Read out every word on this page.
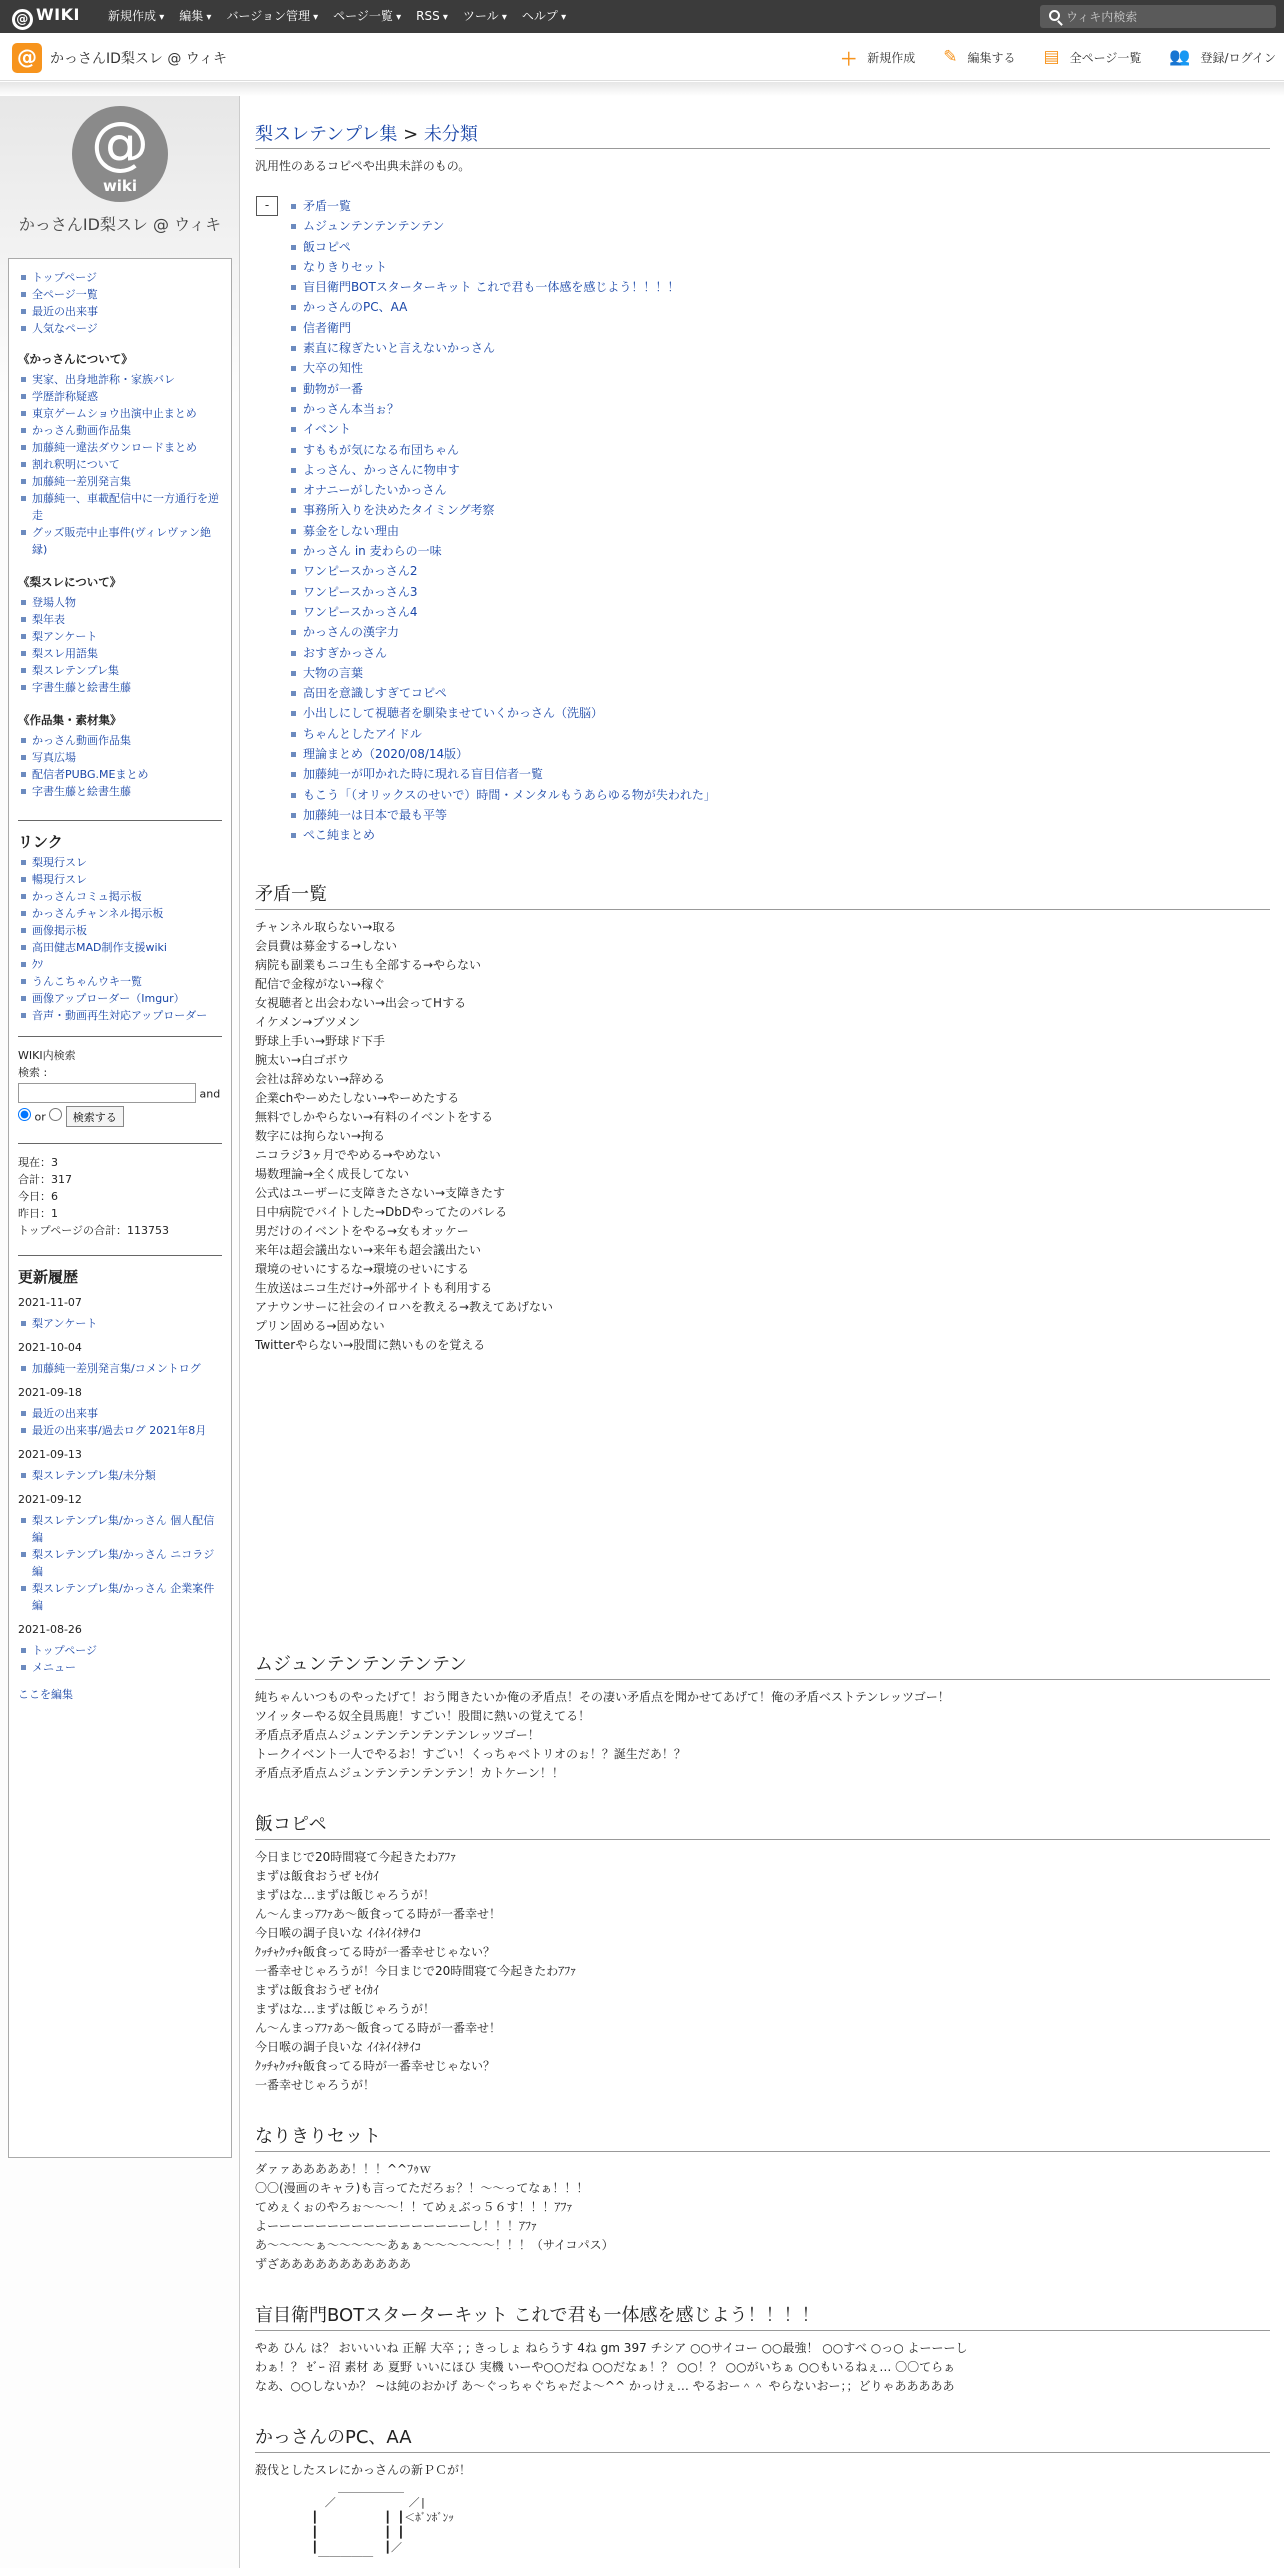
@ WIKI 新規作成 ▾	編集 ▾	バージョン管理 ▾	ページ一覧 ▾	RSS ▾	ツール ▾	ヘルプ ▾
ウィキ内検索
@ かっさんID梨スレ @ ウィキ	＋ 新規作成 ✎ 編集する ▤ 全ページ一覧 👥 登録/ログイン
@
wiki
かっさんID梨スレ @ ウィキ
トップページ
全ページ一覧
最近の出来事
人気なページ
《かっさんについて》
実家、出身地詐称・家族バレ
学歴詐称疑惑
東京ゲームショウ出演中止まとめ
かっさん動画作品集
加藤純一違法ダウンロードまとめ
割れ釈明について
加藤純一差別発言集
加藤純一、車載配信中に一方通行を逆走
グッズ販売中止事件(ヴィレヴァン絶縁)
《梨スレについて》
登場人物
梨年表
梨アンケート
梨スレ用語集
梨スレテンプレ集
字書生藤と絵書生藤
《作品集・素材集》
かっさん動画作品集
写真広場
配信者PUBG.MEまとめ
字書生藤と絵書生藤
リンク
梨現行スレ
暢現行スレ
かっさんコミュ掲示板
かっさんチャンネル掲示板
画像掲示板
高田健志MAD制作支援wiki
ｸｿ
うんこちゃんウキ一覧
画像アップローダー（Imgur）
音声・動画再生対応アップローダー
WIKI内検索
検索 :
and
or 検索する
現在：3
合計：317
今日：6
昨日：1
トップページの合計：113753
更新履歴
2021-11-07
梨アンケート
2021-10-04
加藤純一差別発言集/コメントログ
2021-09-18
最近の出来事
最近の出来事/過去ログ 2021年8月
2021-09-13
梨スレテンプレ集/未分類
2021-09-12
梨スレテンプレ集/かっさん 個人配信編
梨スレテンプレ集/かっさん ニコラジ編
梨スレテンプレ集/かっさん 企業案件編
2021-08-26
トップページ
メニュー
ここを編集
梨スレテンプレ集 > 未分類
汎用性のあるコピペや出典未詳のもの。
-	矛盾一覧
ムジュンテンテンテンテン
飯コピペ
なりきりセット
盲目衛門BOTスターターキット これで君も一体感を感じよう！！！！
かっさんのPC、AA
信者衛門
素直に稼ぎたいと言えないかっさん
大卒の知性
動物が一番
かっさん本当ぉ？
イベント
すももが気になる布団ちゃん
よっさん、かっさんに物申す
オナニーがしたいかっさん
事務所入りを決めたタイミング考察
募金をしない理由
かっさん in 麦わらの一味
ワンピースかっさん2
ワンピースかっさん3
ワンピースかっさん4
かっさんの漢字力
おすぎかっさん
大物の言葉
高田を意識しすぎてコピペ
小出しにして視聴者を馴染ませていくかっさん（洗脳）
ちゃんとしたアイドル
理論まとめ（2020/08/14版）
加藤純一が叩かれた時に現れる盲目信者一覧
もこう「（オリックスのせいで）時間・メンタルもうあらゆる物が失われた」
加藤純一は日本で最も平等
ぺこ純まとめ
矛盾一覧

チャンネル取らない→取る

会員費は募金する→しない

病院も副業もニコ生も全部する→やらない

配信で金稼がない→稼ぐ

女視聴者と出会わない→出会ってHする

イケメン→ブツメン

野球上手い→野球ド下手

腕太い→白ゴボウ

会社は辞めない→辞める

企業chやーめたしない→やーめたする

無料でしかやらない→有料のイベントをする

数字には拘らない→拘る

ニコラジ3ヶ月でやめる→やめない

場数理論→全く成長してない

公式はユーザーに支障きたさない→支障きたす

日中病院でバイトした→DbDやってたのバレる

男だけのイベントをやる→女もオッケー

来年は超会議出ない→来年も超会議出たい

環境のせいにするな→環境のせいにする

生放送はニコ生だけ→外部サイトも利用する

アナウンサーに社会のイロハを教える→教えてあげない

プリン固める→固めない

Twitterやらない→股間に熱いものを覚える

ムジュンテンテンテンテン

純ちゃんいつものやったげて！おう聞きたいか俺の矛盾点！その凄い矛盾点を聞かせてあげて！俺の矛盾ベストテンレッツゴー！

ツイッターやる奴全員馬鹿！すごい！股間に熱いの覚えてる！

矛盾点矛盾点ムジュンテンテンテンテンレッツゴー！

トークイベント一人でやるお！すごい！くっちゃベトリオのぉ！？誕生だあ！？

矛盾点矛盾点ムジュンテンテンテンテン！カトケーン！！

飯コピペ

今日まじで20時間寝て今起きたわｱﾌｧ

まずは飯食おうぜ ｾｲｶｲ

まずはな…まずは飯じゃろうが！

ん～んまっｱﾌｧあ～飯食ってる時が一番幸せ！

今日喉の調子良いな ｲｲﾈｲｲﾈｻｲｺ

ｸｯﾁｬｸｯﾁｬ飯食ってる時が一番幸せじゃない？

一番幸せじゃろうが！今日まじで20時間寝て今起きたわｱﾌｧ

まずは飯食おうぜ ｾｲｶｲ

まずはな…まずは飯じゃろうが！

ん～んまっｱﾌｧあ～飯食ってる時が一番幸せ！

今日喉の調子良いな ｲｲﾈｲｲﾈｻｲｺ

ｸｯﾁｬｸｯﾁｬ飯食ってる時が一番幸せじゃない？

一番幸せじゃろうが！

なりきりセット

ダァァあああああ！！！^^ﾌｩｗ

〇〇(漫画のキャラ)も言ってただろぉ？！～～ってなぁ！！！

てめぇくぉのやろぉ～～～！！てめぇぶっ５６す！！！ｱﾌｧ

よーーーーーーーーーーーーーーーーーし！！！ｱﾌｧ

あ～～～～ぁ～～～～～あぁぁ～～～～～～！！！（サイコパス）

ずざあああああああああああ

盲目衛門BOTスターターキット これで君も一体感を感じよう！！！！

やあ ひん は？ おいいいね 正解 大卒 ; ; きっしょ ねらうす 4ね gm 397 チシア ○○サイコー ○○最強！ ○○すべ ○っ○ よーーーし

わぁ！？ ｾﾞｰ 沼 素材 あ 夏野 いいにほひ 実機 いーや○○だね ○○だなぁ！？ ○○！？ ○○がいちぁ ○○もいるねぇ… 〇〇てらぁ

なあ、○○しないか？ ~は純のおかげ あ～ぐっちゃぐちゃだよ～^^ かっけぇ… やるおー＾＾ やらないおー；；どりゃあああああ

かっさんのPC、AA

殺伐としたスレにかっさんの新ＰＣが！

＿＿＿＿＿＿
／           ／|
┃          ┃ ┃＜ﾎﾞﾝﾎﾞﾝｯ
┃          ┃ ┃
┃          ┃／
￣￣￣￣￣
